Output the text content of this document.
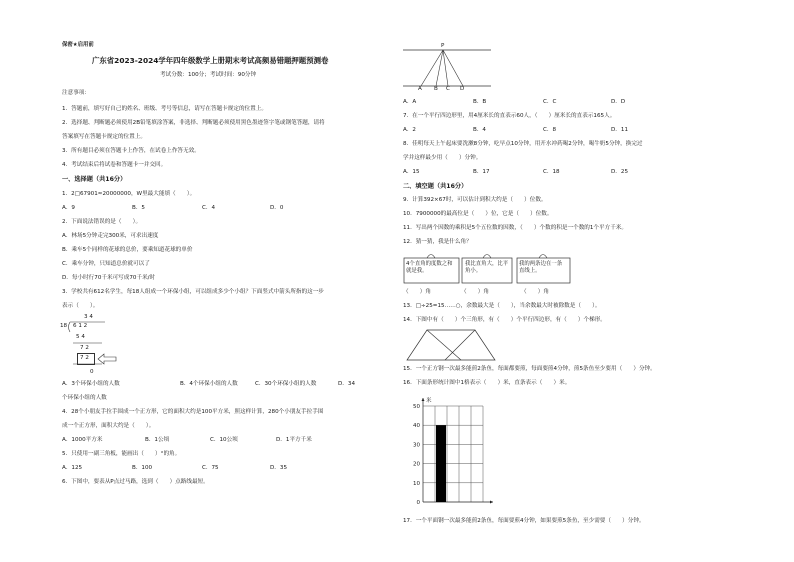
保密★启用前
广东省2023-2024学年四年级数学上册期末考试高频易错题押题预测卷
考试分数：100分；考试时间：90分钟
注意事项：
1．答题前，填写好自己的姓名、班级、考号等信息，请写在答题卡规定的位置上。
2．选择题、判断题必须使用2B铅笔填涂答案，非选择、判断题必须使用黑色墨迹签字笔或钢笔答题，请将
答案填写在答题卡规定的位置上。
3．所有题目必须在答题卡上作答，在试卷上作答无效。
4．考试结束后将试卷和答题卡一并交回。
一、选择题（共16分）
1．2□67901≈20000000，W里最大能填（　　）。
A．9	B．5	C．4	D．0
2．下面说法错误的是（　　）。
A．林场5分钟走完300米，可求出速度
B．乘车5个同样的花球的总价，要乘知道花球的单价
C．乘车分钟，只知道总价就可以了
D．每小时行70千米可写成70千米/时
3．学校共有612名学生，每18人组成一个环保小组，可以组成多少个小组？下面竖式中箭头所指的这一步
表示（　　）。
3 4
18 6 1 2
5 4
7 2
7 2
0
A．3个环保小组的人数	B．4个环保小组的人数	C．30个环保小组的人数	D．34
个环保小组的人数
4．28个小朋友手拉手围成一个正方形，它的面积大约是100平方米，照这样计算，280个小朋友手拉手围
成一个正方形，面积大约是（　　）。
A．1000平方米	B．1公顷	C．10公顷	D．1平方千米
5．只使用一副三角板，能画出（　　）°的角。
A．125	B．100	C．75	D．35
6．下图中，要表从P点过马路，选到（　　）点路线最短。
P
A B C D
A．A	B．B	C．C	D．D
7．在一个平行四边形里，用4厘米长的直表示60人，（　　）厘米长的直表示165人。
A．2	B．4	C．8	D．11
8．佳明每天上午起床要洗漱8分钟，吃早点10分钟，用开水冲药喝2分钟，喝牛奶5分钟，换完过
学并这样最少用（　　）分钟。
A．15	B．17	C．18	D．25
二、填空题（共16分）
9．计算392×67时，可以估计到积大约是（　　）位数。
10．7900000的最高位是（　　）位，它是（　　）位数。
11．写出两个因数的乘积是5个五位数的因数，（　　）个数的积是一个数的1个平方千米。
12．猜一猜，我是什么角？
4个直角的度数之和就是我。
我比直角大，比平角小。
我的两条边在一条直线上。
（　　）角	（　　）角	（　　）角
13．□÷25=15……○，余数最大是（　　），当余数最大时被除数是（　　）。
14．下图中有（　　）个三角形，有（　　）个平行四边形，有（　　）个梯形。
15．一个正方钢一次最多能煎2条鱼，每面都要煎，每面要煎4分钟，煎5条鱼至少要用（　　）分钟。
16．下面条形统计图中1格表示（　　）米，直条表示（　　）米。
0
10
20
30
40
50
米
17．一个平面钢一次最多能煎2条鱼，每面要煎4分钟，如果要煎5条鱼，至少需要（　　）分钟。
